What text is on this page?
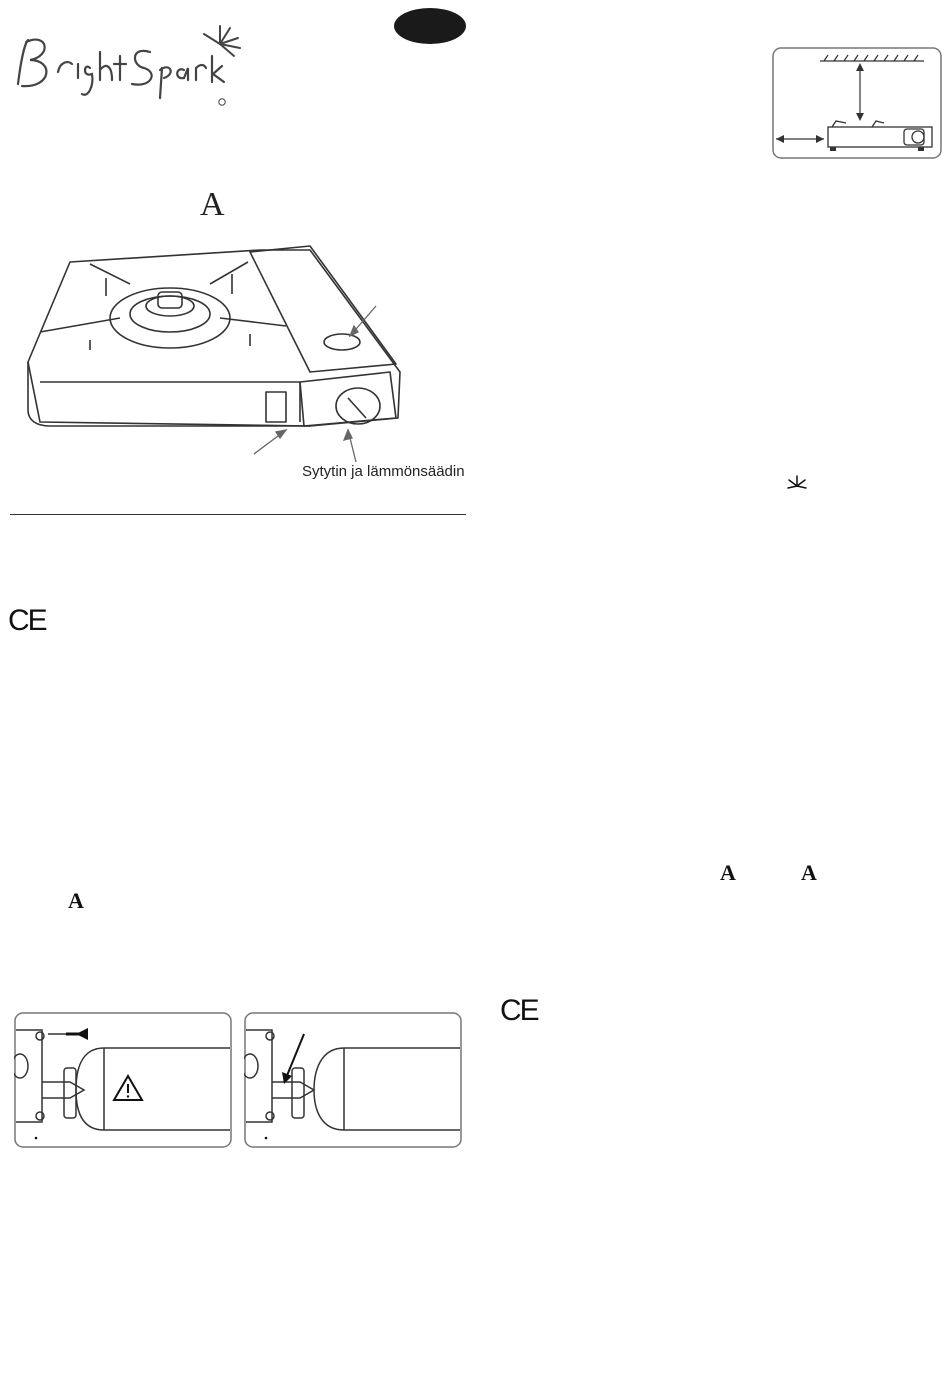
A
Sytytin ja lämmönsäädin
CE
A
A	A
CE
